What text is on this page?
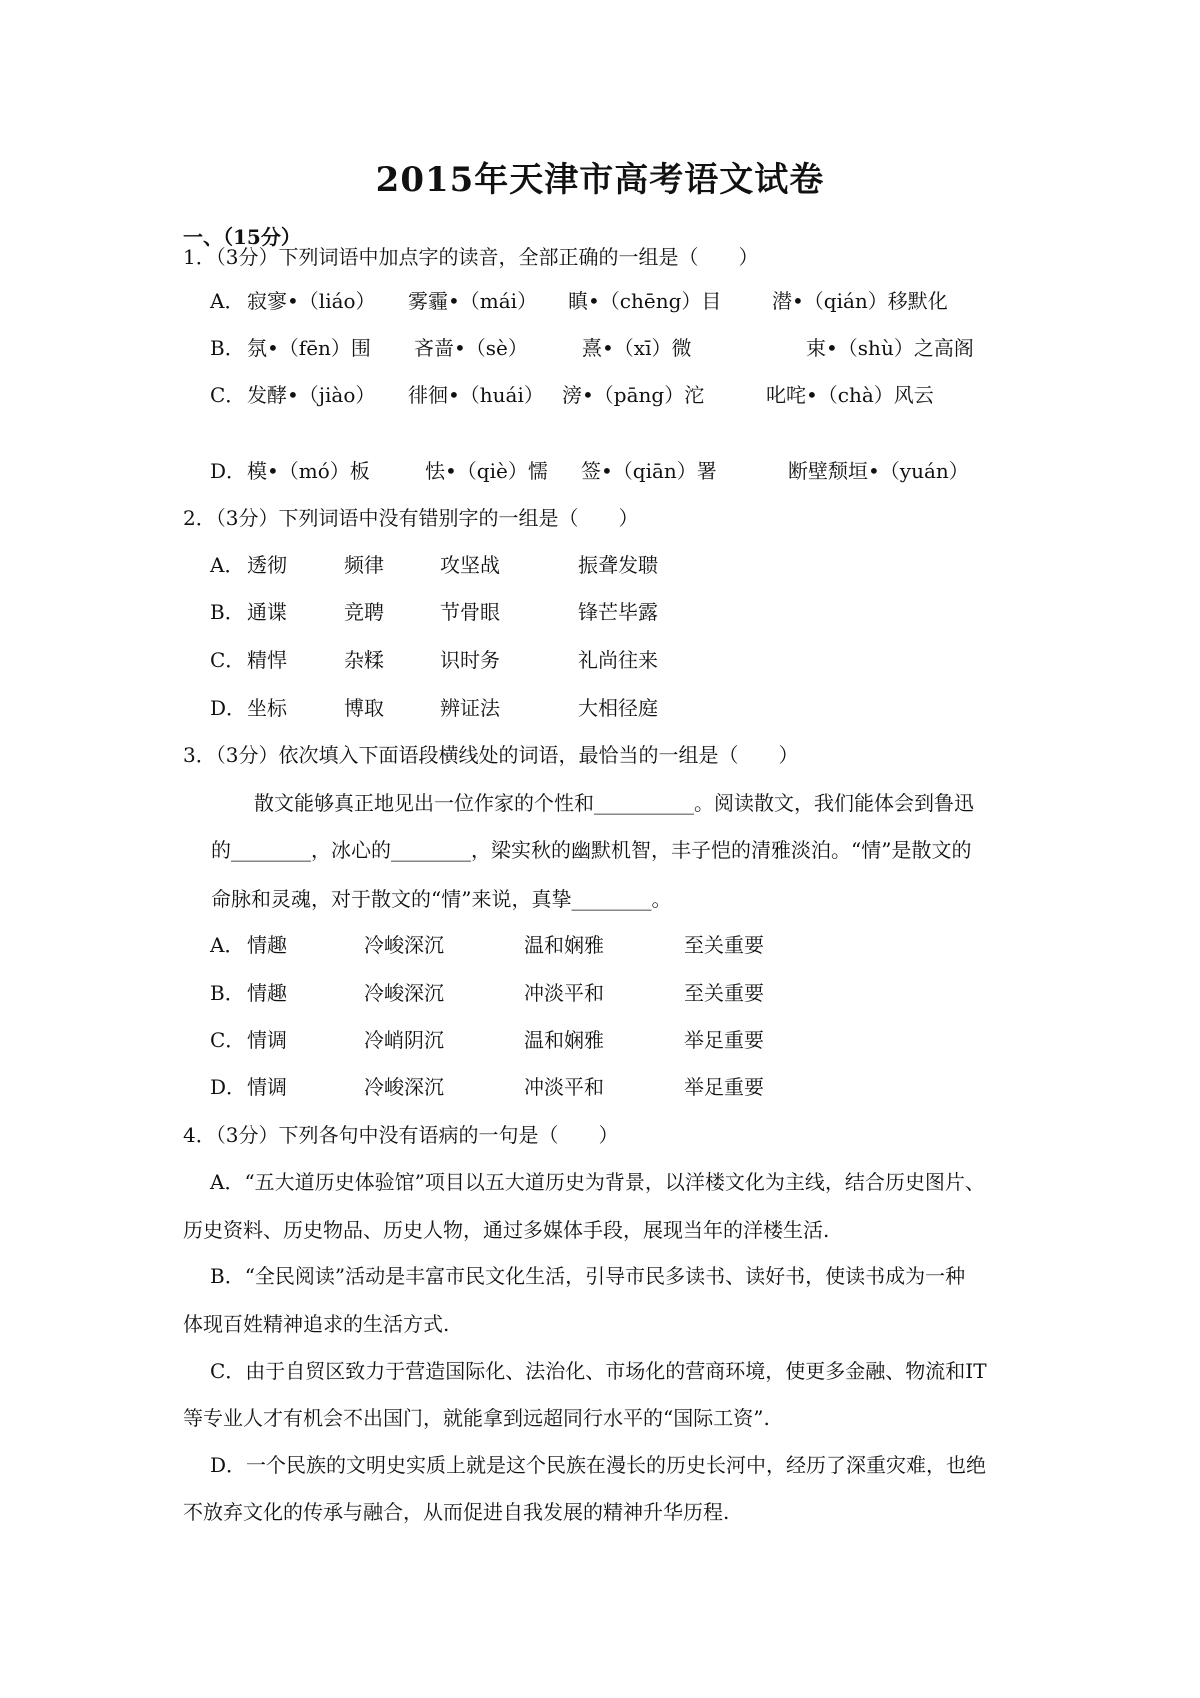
2015年天津市高考语文试卷
一、（15分）
1．（3分）下列词语中加点字的读音，全部正确的一组是（　　）
A． 寂寥•（liáo） 雾霾•（mái） 瞋•（chēng）目	潜•（qián）移默化
B． 氛•（fēn）围 吝啬•（sè）	熹•（xī）微	束•（shù）之高阁
C． 发酵•（jiào） 徘徊•（huái） 滂•（pāng）沱	叱咤•（chà）风云
D． 模•（mó）板	怯•（qiè）懦 签•（qiān）署	断壁颓垣•（yuán）
2．（3分）下列词语中没有错别字的一组是（　　）
A． 透彻	频律	攻坚战	振聋发聩
B． 通谍	竞聘	节骨眼	锋芒毕露
C． 精悍	杂糅	识时务	礼尚往来
D． 坐标	博取	辨证法	大相径庭
3．（3分）依次填入下面语段横线处的词语，最恰当的一组是（　　）
散文能够真正地见出一位作家的个性和__________。阅读散文，我们能体会到鲁迅
的________，冰心的________，梁实秋的幽默机智，丰子恺的清雅淡泊。“情”是散文的
命脉和灵魂，对于散文的“情”来说，真挚________。
A． 情趣	冷峻深沉	温和娴雅	至关重要
B． 情趣	冷峻深沉	冲淡平和	至关重要
C． 情调	冷峭阴沉	温和娴雅	举足重要
D． 情调	冷峻深沉	冲淡平和	举足重要
4．（3分）下列各句中没有语病的一句是（　　）
A．“五大道历史体验馆”项目以五大道历史为背景，以洋楼文化为主线，结合历史图片、
历史资料、历史物品、历史人物，通过多媒体手段，展现当年的洋楼生活.
B．“全民阅读”活动是丰富市民文化生活，引导市民多读书、读好书，使读书成为一种
体现百姓精神追求的生活方式.
C．由于自贸区致力于营造国际化、法治化、市场化的营商环境，使更多金融、物流和IT
等专业人才有机会不出国门，就能拿到远超同行水平的“国际工资”.
D．一个民族的文明史实质上就是这个民族在漫长的历史长河中，经历了深重灾难，也绝
不放弃文化的传承与融合，从而促进自我发展的精神升华历程.
